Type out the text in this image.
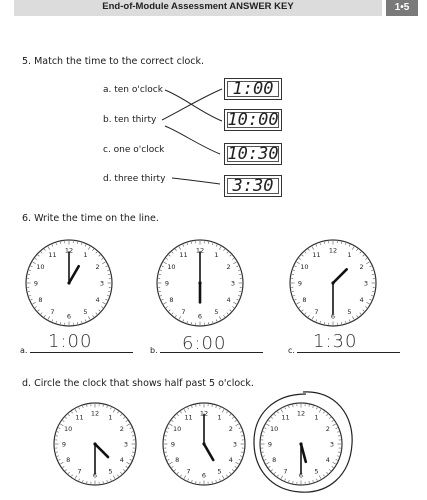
End-of-Module Assessment ANSWER KEY	1•5
5. Match the time to the correct clock.
a. ten o'clock
b. ten thirty
c. one o'clock
d. three thirty
1:00
10:00
10:30
3:30
6. Write the time on the line.
12
1
2
3
4
5
6
7
8
9
10
11
12
1
2
3
4
5
6
7
8
9
10
11
12
1
2
3
4
5
6
7
8
9
10
11
a. 1:00	b. 6:00	c. 1:30
d. Circle the clock that shows half past 5 o'clock.
12
1
2
3
4
5
6
7
8
9
10
11
12
1
2
3
4
5
6
7
8
9
10
11
12
1
2
3
4
5
6
7
8
9
10
11
